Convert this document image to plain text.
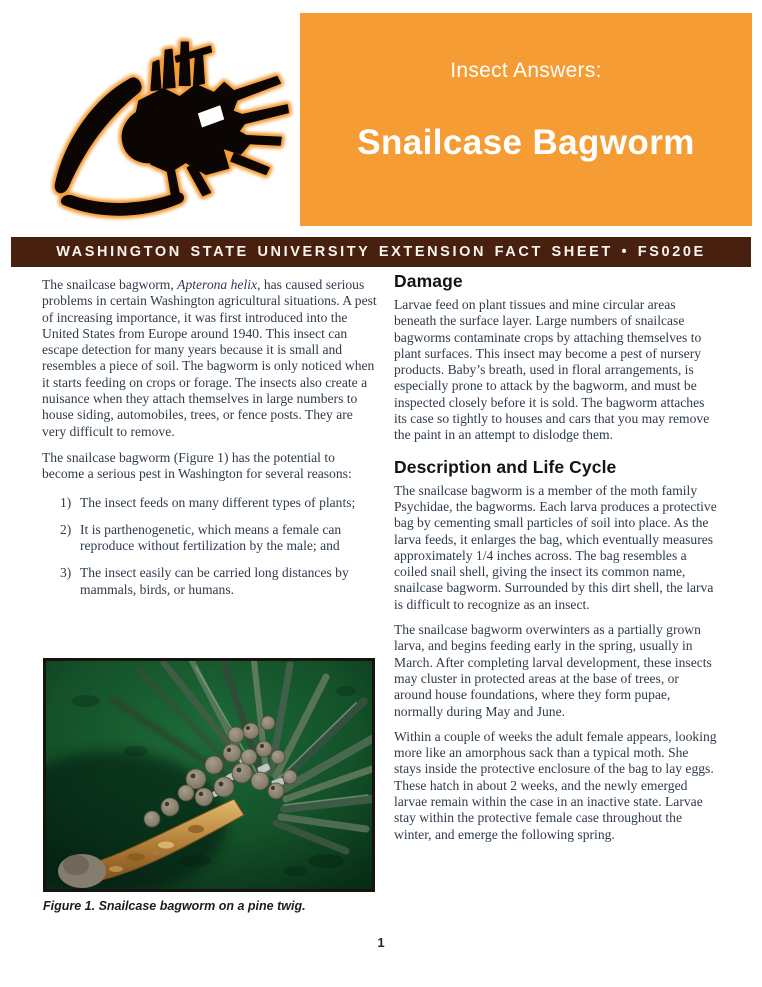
Insect Answers:
Snailcase Bagworm
WASHINGTON STATE UNIVERSITY EXTENSION FACT SHEET • FS020E

The snailcase bagworm, Apterona helix, has caused serious problems in certain Washington agricultural situations. A pest of increasing importance, it was first introduced into the United States from Europe around 1940. This insect can escape detection for many years because it is small and resembles a piece of soil. The bagworm is only noticed when it starts feeding on crops or forage. The insects also create a nuisance when they attach themselves in large numbers to house siding, automobiles, trees, or fence posts. They are very difficult to remove.

The snailcase bagworm (Figure 1) has the potential to become a serious pest in Washington for several reasons:

1) The insect feeds on many different types of plants;
2) It is parthenogenetic, which means a female can reproduce without fertilization by the male; and
3) The insect easily can be carried long distances by mammals, birds, or humans.
Figure 1. Snailcase bagworm on a pine twig.
Damage

Larvae feed on plant tissues and mine circular areas beneath the surface layer. Large numbers of snailcase bagworms contaminate crops by attaching themselves to plant surfaces. This insect may become a pest of nursery products. Baby’s breath, used in floral arrangements, is especially prone to attack by the bagworm, and must be inspected closely before it is sold. The bagworm attaches its case so tightly to houses and cars that you may remove the paint in an attempt to dislodge them.

Description and Life Cycle

The snailcase bagworm is a member of the moth family Psychidae, the bagworms. Each larva produces a protective bag by cementing small particles of soil into place. As the larva feeds, it enlarges the bag, which eventually measures approximately 1/4 inches across. The bag resembles a coiled snail shell, giving the insect its common name, snailcase bagworm. Surrounded by this dirt shell, the larva is difficult to recognize as an insect.

The snailcase bagworm overwinters as a partially grown larva, and begins feeding early in the spring, usually in March. After completing larval development, these insects may cluster in protected areas at the base of trees, or around house foundations, where they form pupae, normally during May and June.

Within a couple of weeks the adult female appears, looking more like an amorphous sack than a typical moth. She stays inside the protective enclosure of the bag to lay eggs. These hatch in about 2 weeks, and the newly emerged larvae remain within the case in an inactive state. Larvae stay within the protective female case throughout the winter, and emerge the following spring.

1
